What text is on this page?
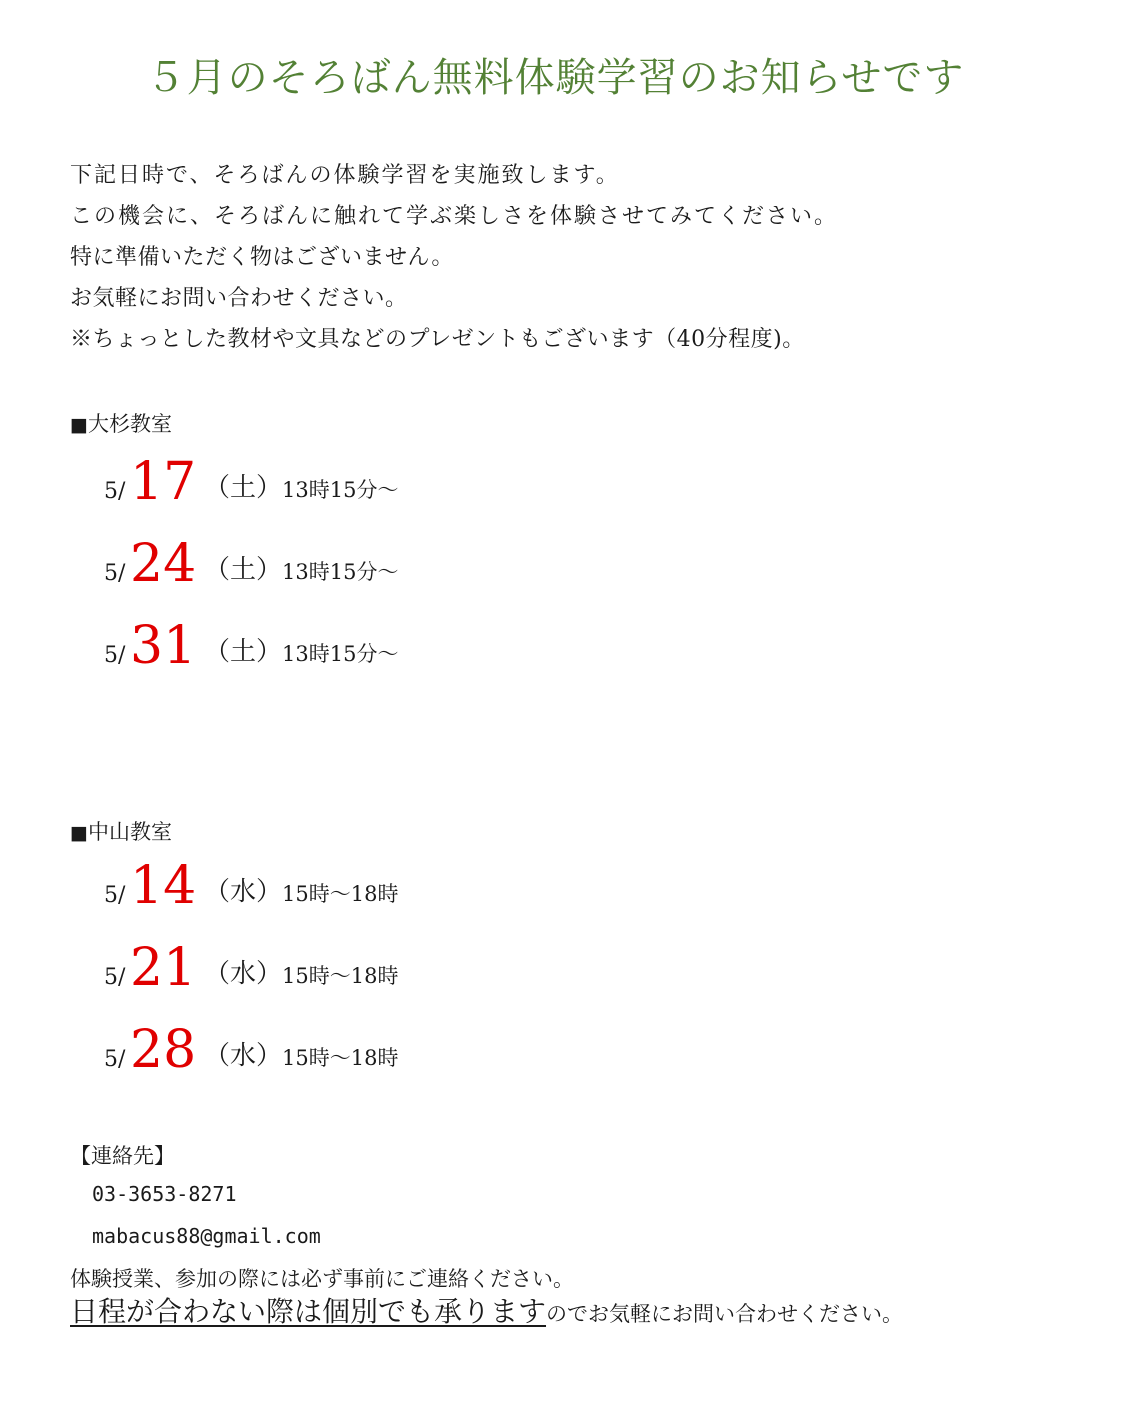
５月のそろばん無料体験学習のお知らせです
下記日時で、そろばんの体験学習を実施致します。
この機会に、そろばんに触れて学ぶ楽しさを体験させてみてください。
特に準備いただく物はございません。
お気軽にお問い合わせください。
※ちょっとした教材や文具などのプレゼントもございます（40分程度)。
■大杉教室
5/ 17 （土） 13時15分～
5/ 24 （土） 13時15分～
5/ 31 （土） 13時15分～
■中山教室
5/ 14 （水） 15時～18時
5/ 21 （水） 15時～18時
5/ 28 （水） 15時～18時
【連絡先】
03-3653-8271
mabacus88@gmail.com
体験授業、参加の際には必ず事前にご連絡ください。
日程が合わない際は個別でも承りますのでお気軽にお問い合わせください。
